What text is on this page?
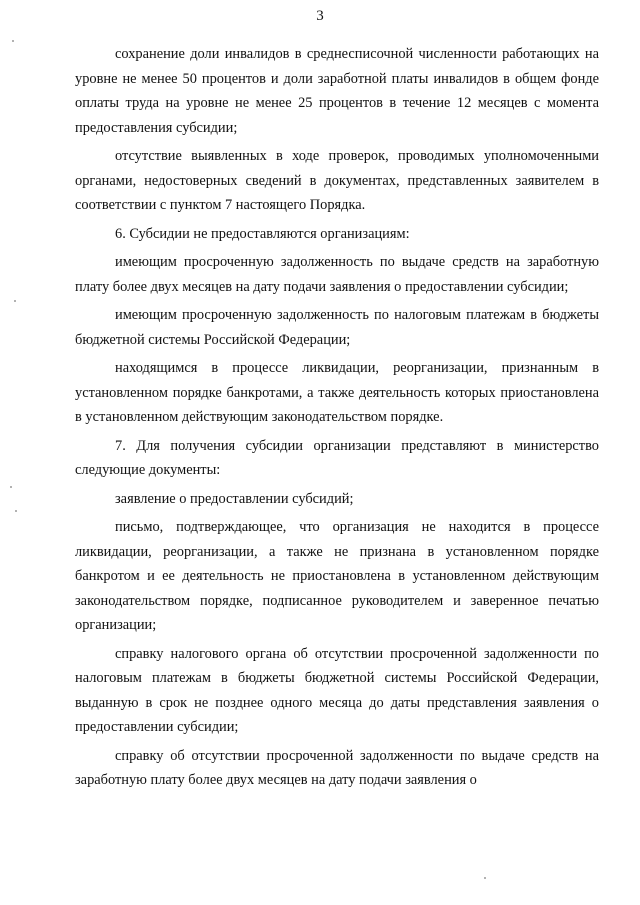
3

сохранение доли инвалидов в среднесписочной численности работающих на уровне не менее 50 процентов и доли заработной платы инвалидов в общем фонде оплаты труда на уровне не менее 25 процентов в течение 12 месяцев с момента предоставления субсидии;

отсутствие выявленных в ходе проверок, проводимых уполномоченными органами, недостоверных сведений в документах, представленных заявителем в соответствии с пунктом 7 настоящего Порядка.

6. Субсидии не предоставляются организациям:

имеющим просроченную задолженность по выдаче средств на заработную плату более двух месяцев на дату подачи заявления о предоставлении субсидии;

имеющим просроченную задолженность по налоговым платежам в бюджеты бюджетной системы Российской Федерации;

находящимся в процессе ликвидации, реорганизации, признанным в установленном порядке банкротами, а также деятельность которых приостановлена в установленном действующим законодательством порядке.

7. Для получения субсидии организации представляют в министерство следующие документы:

заявление о предоставлении субсидий;

письмо, подтверждающее, что организация не находится в процессе ликвидации, реорганизации, а также не признана в установленном порядке банкротом и ее деятельность не приостановлена в установленном действующим законодательством порядке, подписанное руководителем и заверенное печатью организации;

справку налогового органа об отсутствии просроченной задолженности по налоговым платежам в бюджеты бюджетной системы Российской Федерации, выданную в срок не позднее одного месяца до даты представления заявления о предоставлении субсидии;

справку об отсутствии просроченной задолженности по выдаче средств на заработную плату более двух месяцев на дату подачи заявления о
